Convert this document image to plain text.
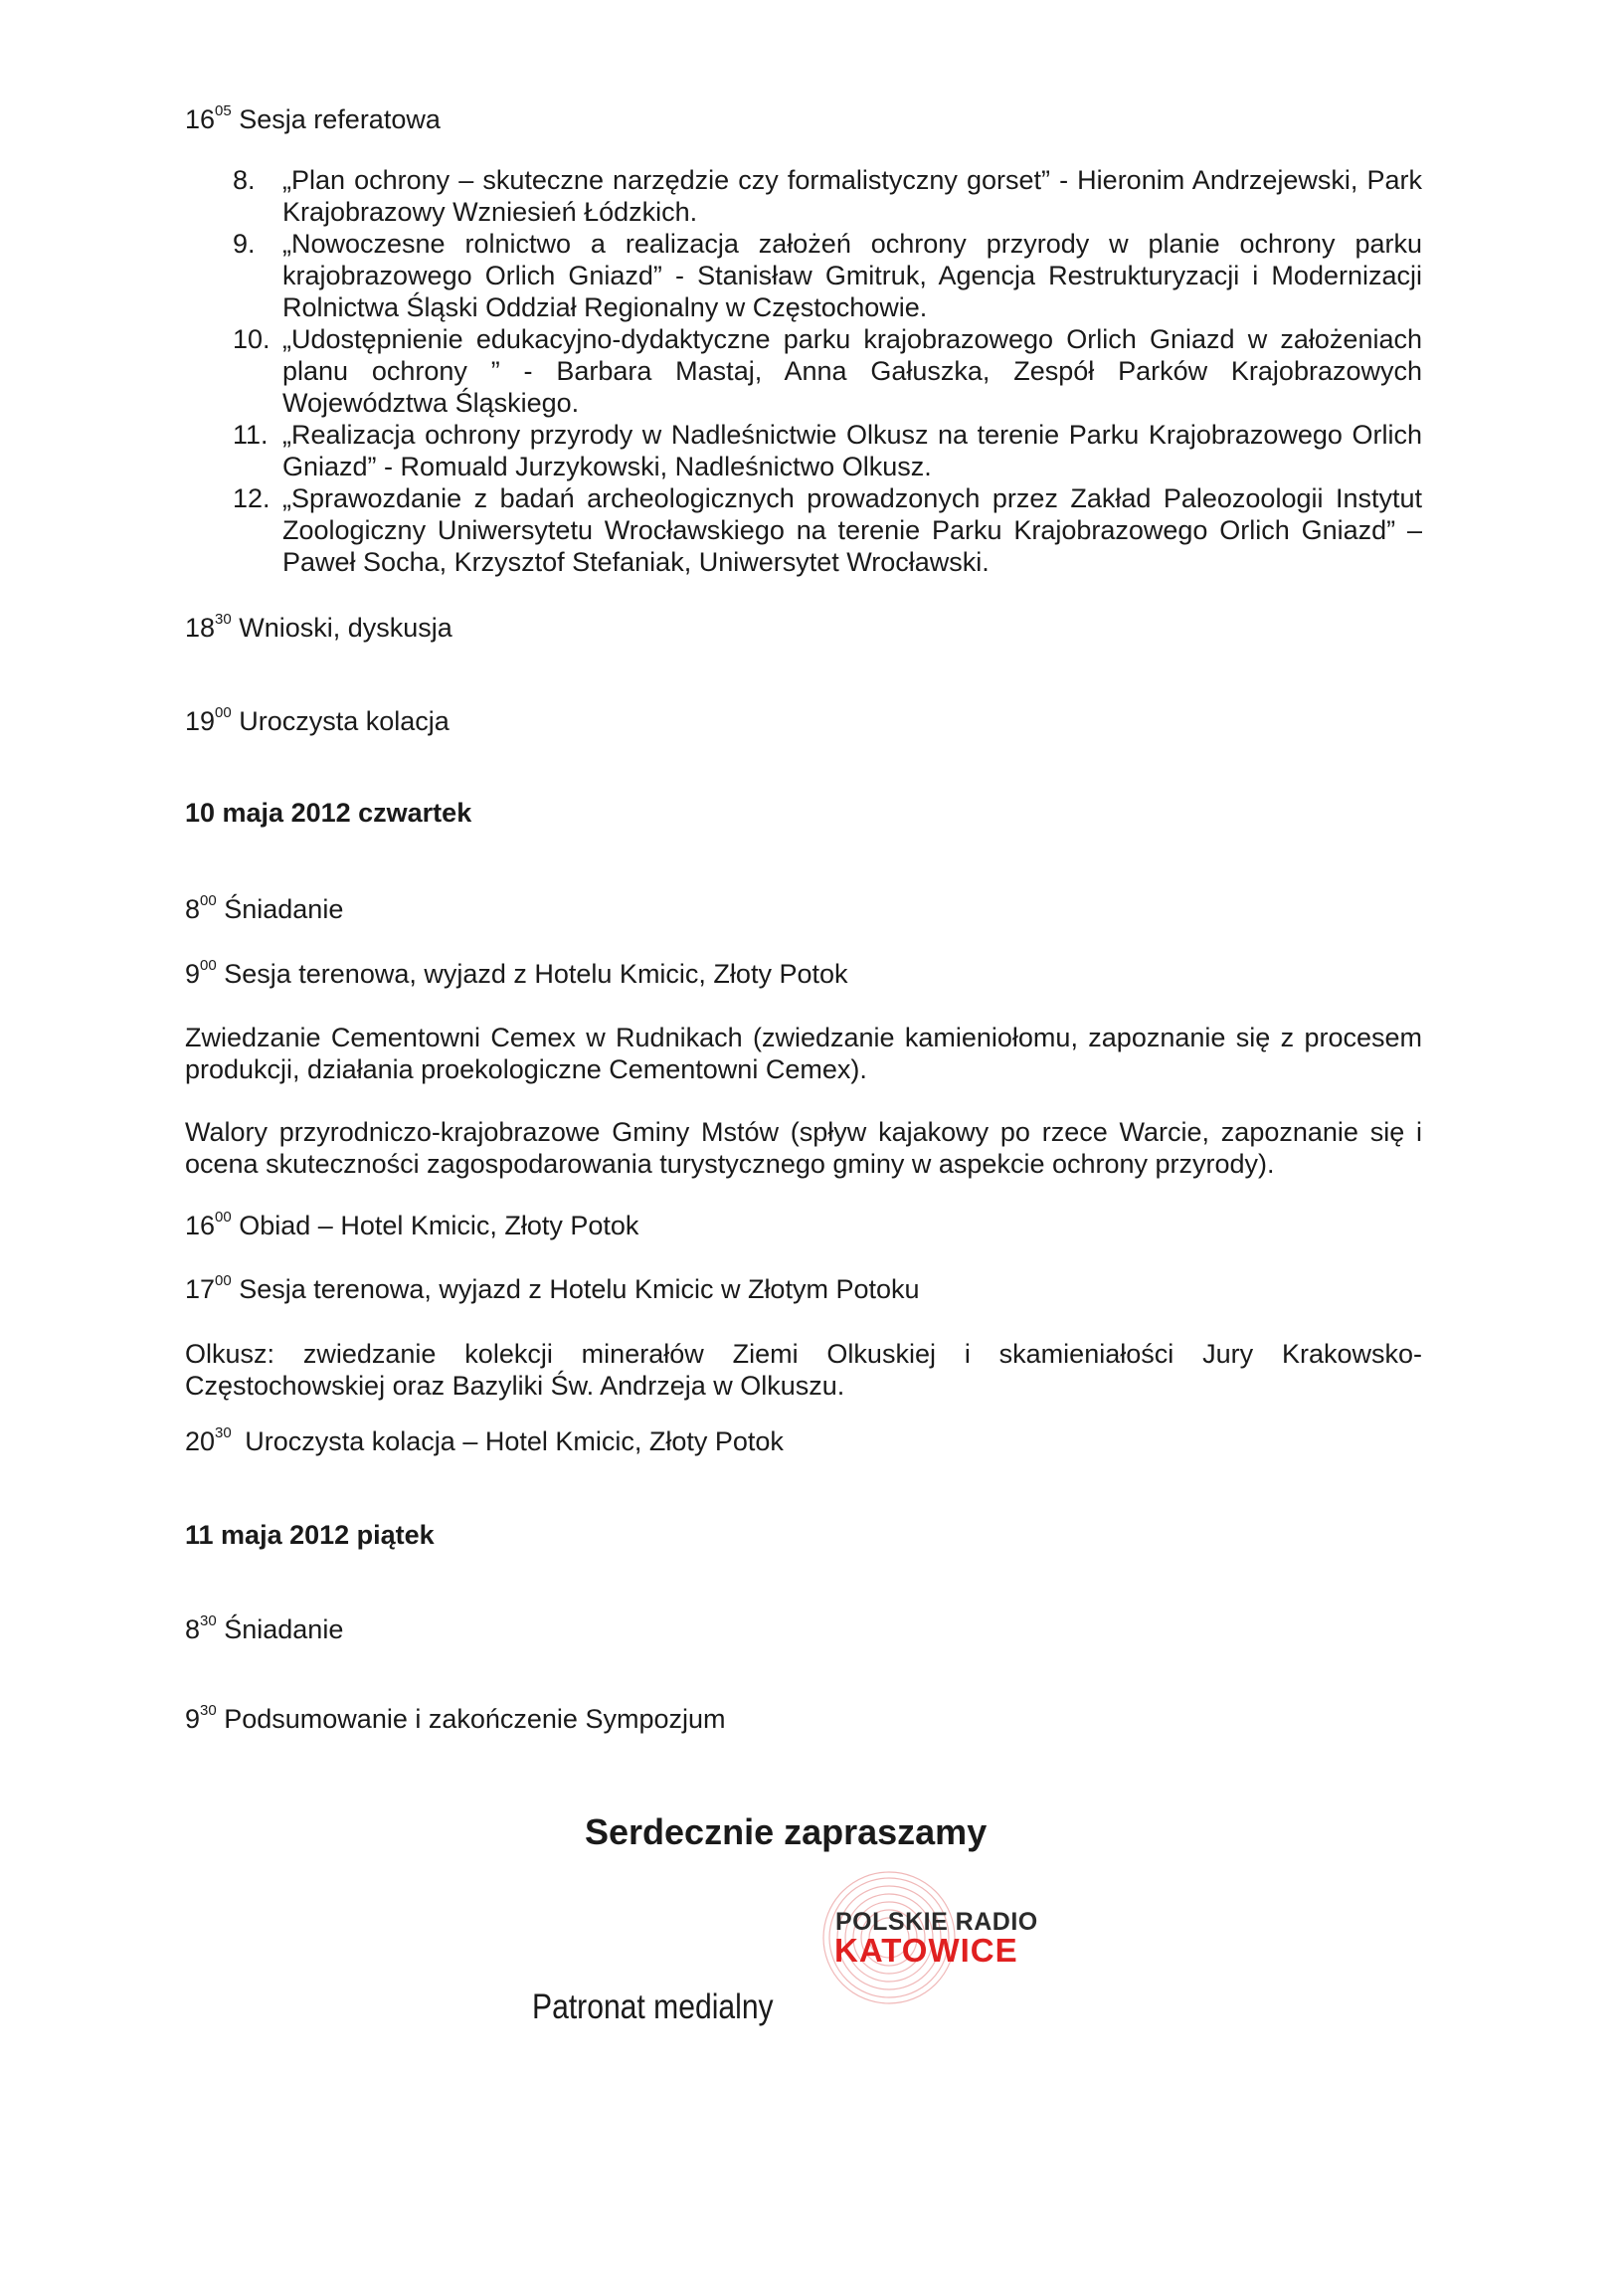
$16^{05}$ Sesja referatowa
8.	„Plan ochrony – skuteczne narzędzie czy formalistyczny gorset” - Hieronim Andrzejewski, Park Krajobrazowy Wzniesień Łódzkich.
9.	„Nowoczesne rolnictwo a realizacja założeń ochrony przyrody w planie ochrony parku krajobrazowego Orlich Gniazd” - Stanisław Gmitruk, Agencja Restrukturyzacji i Modernizacji Rolnictwa Śląski Oddział Regionalny w Częstochowie.
10. „Udostępnienie edukacyjno-dydaktyczne parku krajobrazowego Orlich Gniazd w założeniach planu ochrony ” - Barbara Mastaj, Anna Gałuszka, Zespół Parków Krajobrazowych Województwa Śląskiego.
11. „Realizacja ochrony przyrody w Nadleśnictwie Olkusz na terenie Parku Krajobrazowego Orlich Gniazd” - Romuald Jurzykowski, Nadleśnictwo Olkusz.
12. „Sprawozdanie z badań archeologicznych prowadzonych przez Zakład Paleozoologii Instytut Zoologiczny Uniwersytetu Wrocławskiego na terenie Parku Krajobrazowego Orlich Gniazd” – Paweł Socha, Krzysztof Stefaniak, Uniwersytet Wrocławski.
$18^{30}$ Wnioski, dyskusja
$19^{00}$ Uroczysta kolacja
10 maja 2012 czwartek
$8^{00}$ Śniadanie
$9^{00}$ Sesja terenowa, wyjazd z Hotelu Kmicic, Złoty Potok
Zwiedzanie Cementowni Cemex w Rudnikach (zwiedzanie kamieniołomu, zapoznanie się z procesem produkcji, działania proekologiczne Cementowni Cemex).
Walory przyrodniczo-krajobrazowe Gminy Mstów (spływ kajakowy po rzece Warcie, zapoznanie się i ocena skuteczności zagospodarowania turystycznego gminy w aspekcie ochrony przyrody).
$16^{00}$ Obiad – Hotel Kmicic, Złoty Potok
$17^{00}$ Sesja terenowa, wyjazd z Hotelu Kmicic w Złotym Potoku
Olkusz: zwiedzanie kolekcji minerałów Ziemi Olkuskiej i skamieniałości Jury Krakowsko-Częstochowskiej oraz Bazyliki Św. Andrzeja w Olkuszu.
$20^{30}$ Uroczysta kolacja – Hotel Kmicic, Złoty Potok
11 maja 2012 piątek
$8^{30}$ Śniadanie
$9^{30}$ Podsumowanie i zakończenie Sympozjum
Serdecznie zapraszamy
Patronat medialny
POLSKIE RADIO
KATOWICE
